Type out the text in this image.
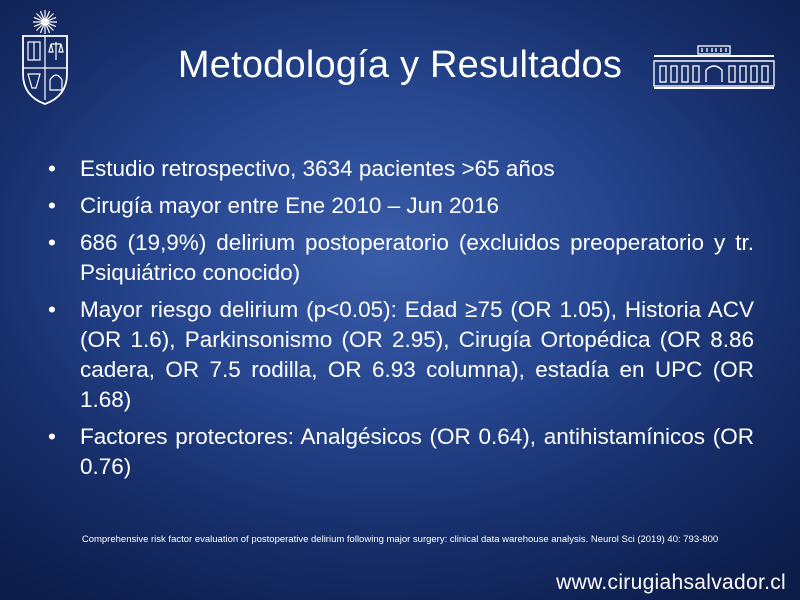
Metodología y Resultados
•	Estudio retrospectivo, 3634 pacientes >65 años
•	Cirugía mayor entre Ene 2010 – Jun 2016
•	686 (19,9%) delirium postoperatorio (excluidos preoperatorio y tr. Psiquiátrico conocido)
•	Mayor riesgo delirium (p<0.05): Edad ≥75 (OR 1.05), Historia ACV (OR 1.6), Parkinsonismo (OR 2.95), Cirugía Ortopédica (OR 8.86 cadera, OR 7.5 rodilla, OR 6.93 columna), estadía en UPC (OR 1.68)
•	Factores protectores: Analgésicos (OR 0.64), antihistamínicos (OR 0.76)
Comprehensive risk factor evaluation of postoperative delirium following major surgery: clinical data warehouse analysis. Neurol Sci (2019) 40: 793-800
www.cirugiahsalvador.cl
